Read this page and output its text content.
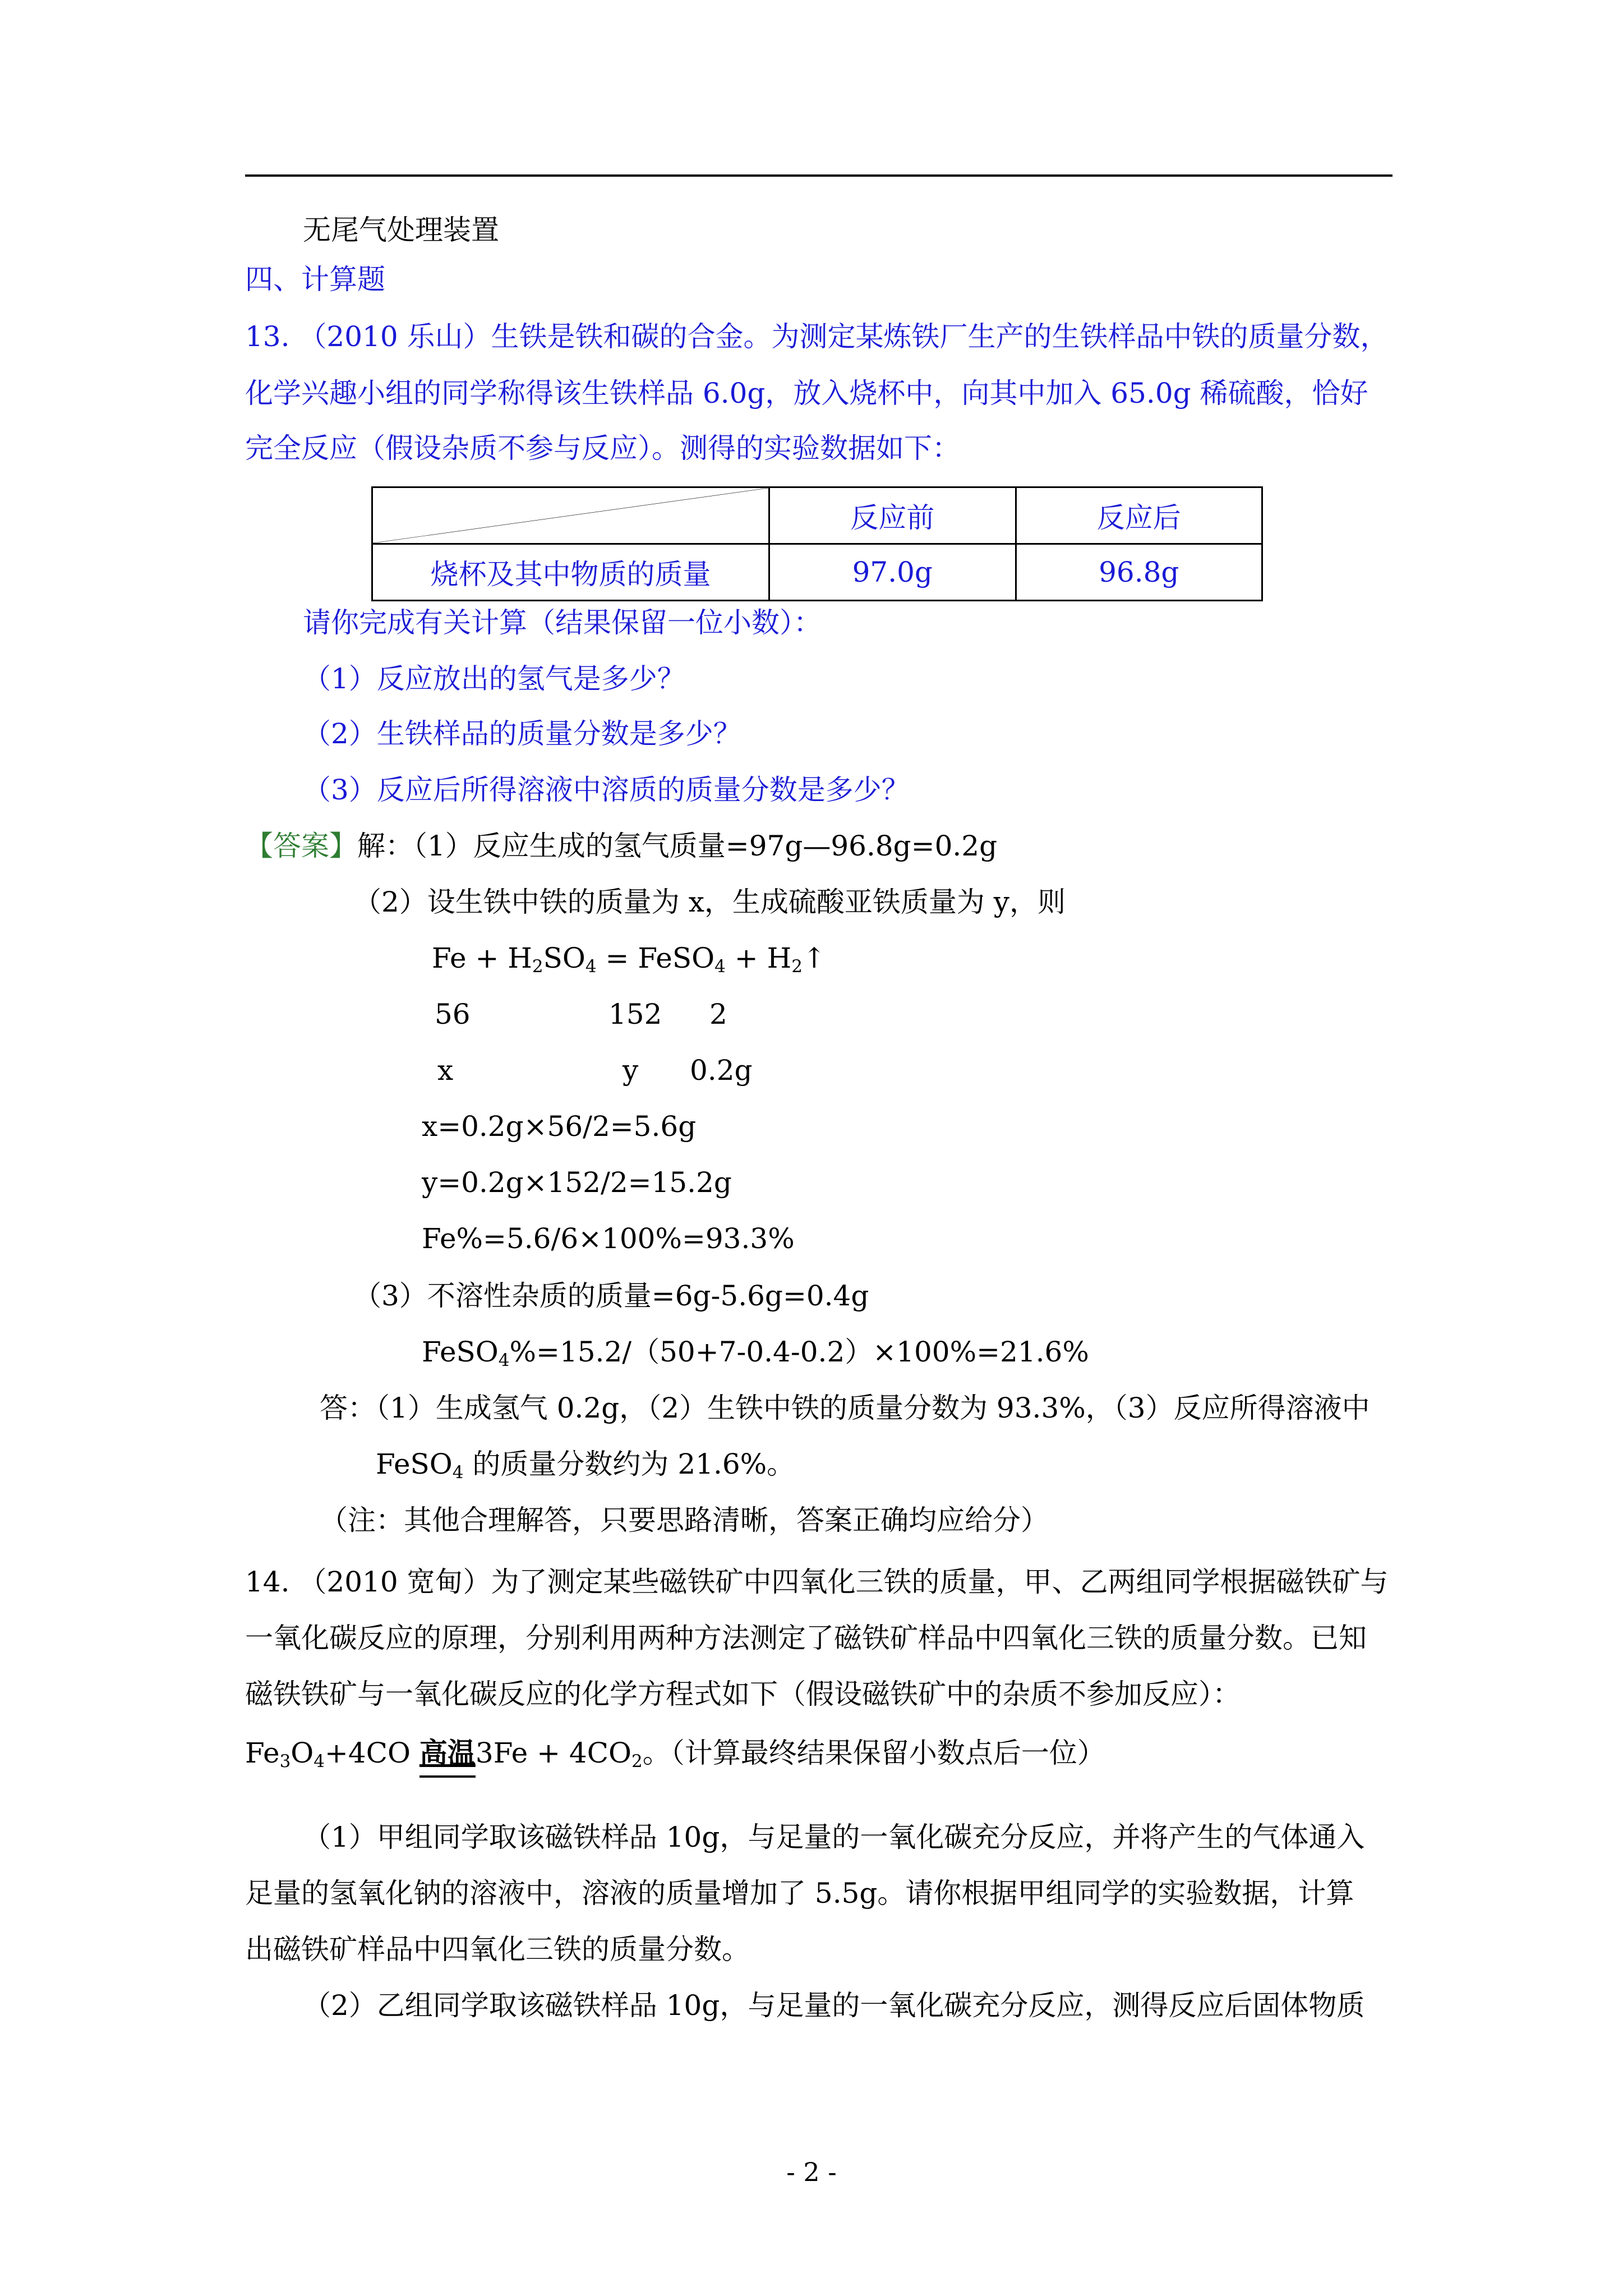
无尾气处理装置
四、计算题
13. （2010 乐山）生铁是铁和碳的合金。为测定某炼铁厂生产的生铁样品中铁的质量分数，
化学兴趣小组的同学称得该生铁样品 6.0g，放入烧杯中，向其中加入 65.0g 稀硫酸，恰好
完全反应（假设杂质不参与反应）。测得的实验数据如下：
	反应前	反应后
烧杯及其中物质的质量	97.0g	96.8g
请你完成有关计算（结果保留一位小数）：
（1）反应放出的氢气是多少？
（2）生铁样品的质量分数是多少？
（3）反应后所得溶液中溶质的质量分数是多少？
【答案】解：（1）反应生成的氢气质量=97g—96.8g=0.2g
（2）设生铁中铁的质量为 x，生成硫酸亚铁质量为 y，则
$Fe + H_2SO_4$ = FeSO$_4$ + $H_2↑$
56	152 2
x	y 0.2g
x=0.2g×56/2=5.6g
y=0.2g×152/2=15.2g
Fe%=5.6/6×100%=93.3%
（3）不溶性杂质的质量=6g-5.6g=0.4g
FeSO$_4$%=15.2/（50+7-0.4-0.2）×100%=21.6%
答：（1）生成氢气 0.2g，（2）生铁中铁的质量分数为 93.3%，（3）反应所得溶液中
FeSO$_4$ 的质量分数约为 21.6%。
（注：其他合理解答，只要思路清晰，答案正确均应给分）
14. （2010 宽甸）为了测定某些磁铁矿中四氧化三铁的质量，甲、乙两组同学根据磁铁矿与
一氧化碳反应的原理，分别利用两种方法测定了磁铁矿样品中四氧化三铁的质量分数。已知
磁铁铁矿与一氧化碳反应的化学方程式如下（假设磁铁矿中的杂质不参加反应）：
$Fe_3O_4+4CO$ 高温$3Fe + 4CO_2$。（计算最终结果保留小数点后一位）
（1）甲组同学取该磁铁样品 10g，与足量的一氧化碳充分反应，并将产生的气体通入
足量的氢氧化钠的溶液中，溶液的质量增加了 5.5g。请你根据甲组同学的实验数据，计算
出磁铁矿样品中四氧化三铁的质量分数。
（2）乙组同学取该磁铁样品 10g，与足量的一氧化碳充分反应，测得反应后固体物质
- 2 -
